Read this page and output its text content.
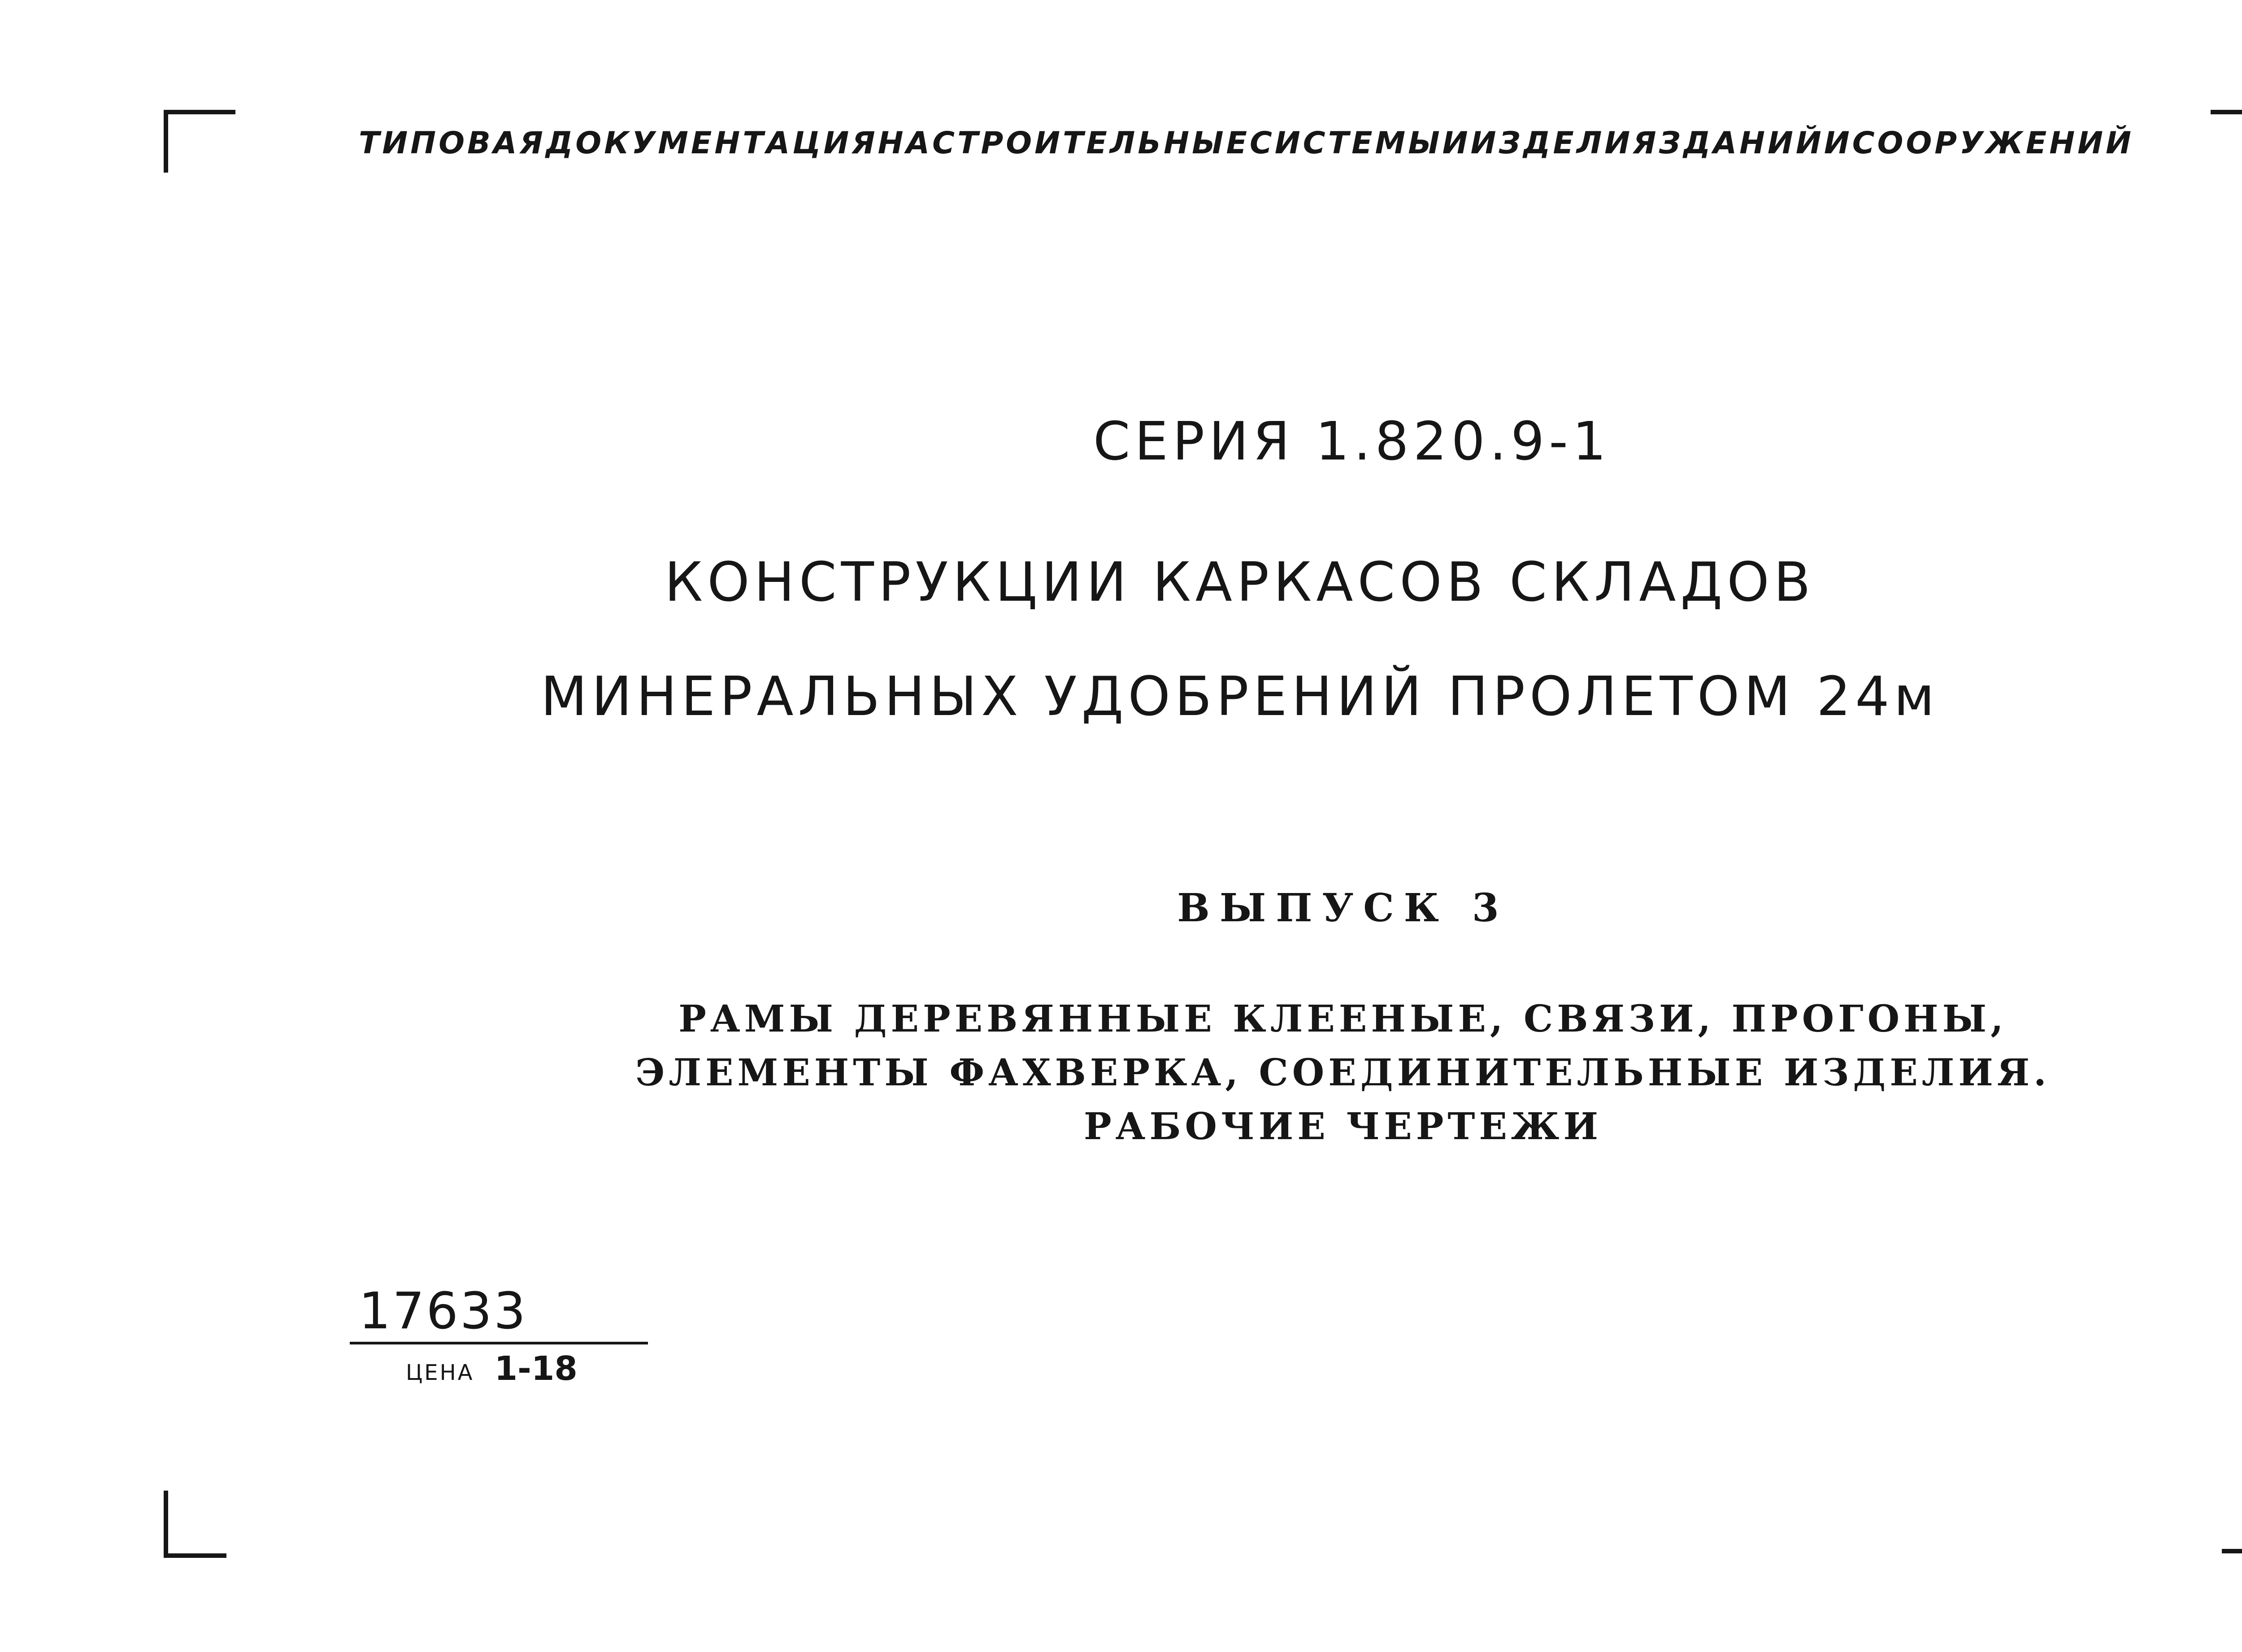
ТИПОВАЯ ДОКУМЕНТАЦИЯ НА СТРОИТЕЛЬНЫЕ СИСТЕМЫ И ИЗДЕЛИЯ ЗДАНИЙ И СООРУЖЕНИЙ
СЕРИЯ 1.820.9-1
КОНСТРУКЦИИ КАРКАСОВ СКЛАДОВ
МИНЕРАЛЬНЫХ УДОБРЕНИЙ ПРОЛЕТОМ 24м
ВЫПУСК 3
РАМЫ ДЕРЕВЯННЫЕ КЛЕЕНЫЕ, СВЯЗИ, ПРОГОНЫ,
ЭЛЕМЕНТЫ ФАХВЕРКА, СОЕДИНИТЕЛЬНЫЕ ИЗДЕЛИЯ.
РАБОЧИЕ ЧЕРТЕЖИ
17633
ЦЕНА 1-18
